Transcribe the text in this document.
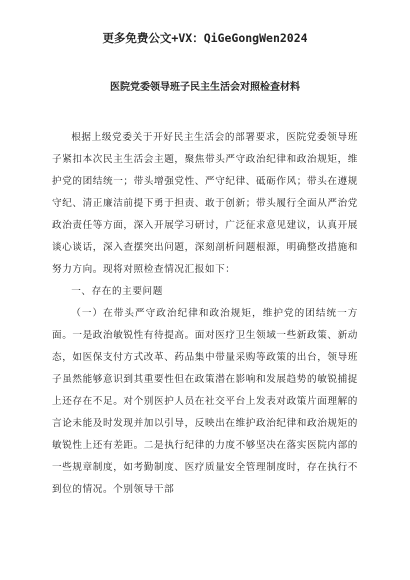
更多免费公文+VX：QiGeGongWen2024
医院党委领导班子民主生活会对照检查材料

根据上级党委关于开好民主生活会的部署要求，医院党委领导班子紧扣本次民主生活会主题，聚焦带头严守政治纪律和政治规矩，维护党的团结统一；带头增强党性、严守纪律、砥砺作风；带头在遵规守纪、清正廉洁前提下勇于担责、敢于创新；带头履行全面从严治党政治责任等方面，深入开展学习研讨，广泛征求意见建议，认真开展谈心谈话，深入查摆突出问题，深刻剖析问题根源，明确整改措施和努力方向。现将对照检查情况汇报如下：

一、存在的主要问题

（一）在带头严守政治纪律和政治规矩，维护党的团结统一方面。一是政治敏锐性有待提高。面对医疗卫生领域一些新政策、新动态，如医保支付方式改革、药品集中带量采购等政策的出台，领导班子虽然能够意识到其重要性但在政策潜在影响和发展趋势的敏锐捕捉上还存在不足。对个别医护人员在社交平台上发表对政策片面理解的言论未能及时发现并加以引导，反映出在维护政治纪律和政治规矩的敏锐性上还有差距。二是执行纪律的力度不够坚决在落实医院内部的一些规章制度，如考勤制度、医疗质量安全管理制度时，存在执行不到位的情况。个别领导干部
